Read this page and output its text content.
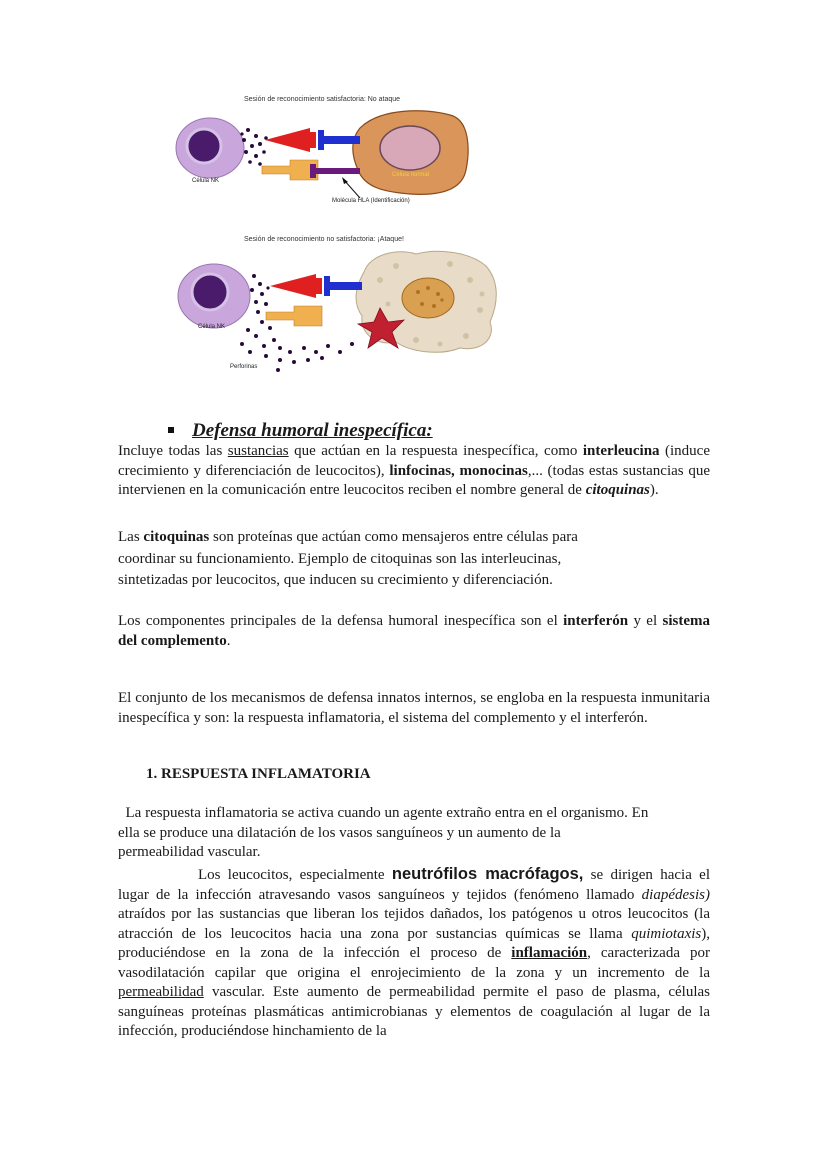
Sesión de reconocimiento satisfactoria: No ataque
Célula NK
Célula normal
Molécula HLA (Identificación)
Sesión de reconocimiento no satisfactoria: ¡Ataque!
Célula NK
Perforinas
Defensa humoral inespecífica:
Incluye todas las sustancias que actúan en la respuesta inespecífica, como interleucina (induce crecimiento y diferenciación de leucocitos), linfocinas, monocinas,... (todas estas sustancias que intervienen en la comunicación entre leucocitos reciben el nombre general de citoquinas).
Las citoquinas son proteínas que actúan como mensajeros entre células para
coordinar su funcionamiento. Ejemplo de citoquinas son las interleucinas,
sintetizadas por leucocitos, que inducen su crecimiento y diferenciación.
Los componentes principales de la defensa humoral inespecífica son el interferón y el sistema del complemento.
El conjunto de los mecanismos de defensa innatos internos, se engloba en la respuesta inmunitaria inespecífica y son: la respuesta inflamatoria, el sistema del complemento y el interferón.
1. RESPUESTA INFLAMATORIA
La respuesta inflamatoria se activa cuando un agente extraño entra en el organismo. En
ella se produce una dilatación de los vasos sanguíneos y un aumento de la
permeabilidad vascular.
Los leucocitos, especialmente neutrófilos macrófagos, se dirigen hacia el lugar de la infección atravesando vasos sanguíneos y tejidos (fenómeno llamado diapédesis) atraídos por las sustancias que liberan los tejidos dañados, los patógenos u otros leucocitos (la atracción de los leucocitos hacia una zona por sustancias químicas se llama quimiotaxis), produciéndose en la zona de la infección el proceso de inflamación, caracterizada por vasodilatación capilar que origina el enrojecimiento de la zona y un incremento de la permeabilidad vascular. Este aumento de permeabilidad permite el paso de plasma, células sanguíneas proteínas plasmáticas antimicrobianas y elementos de coagulación al lugar de la infección, produciéndose hinchamiento de la
